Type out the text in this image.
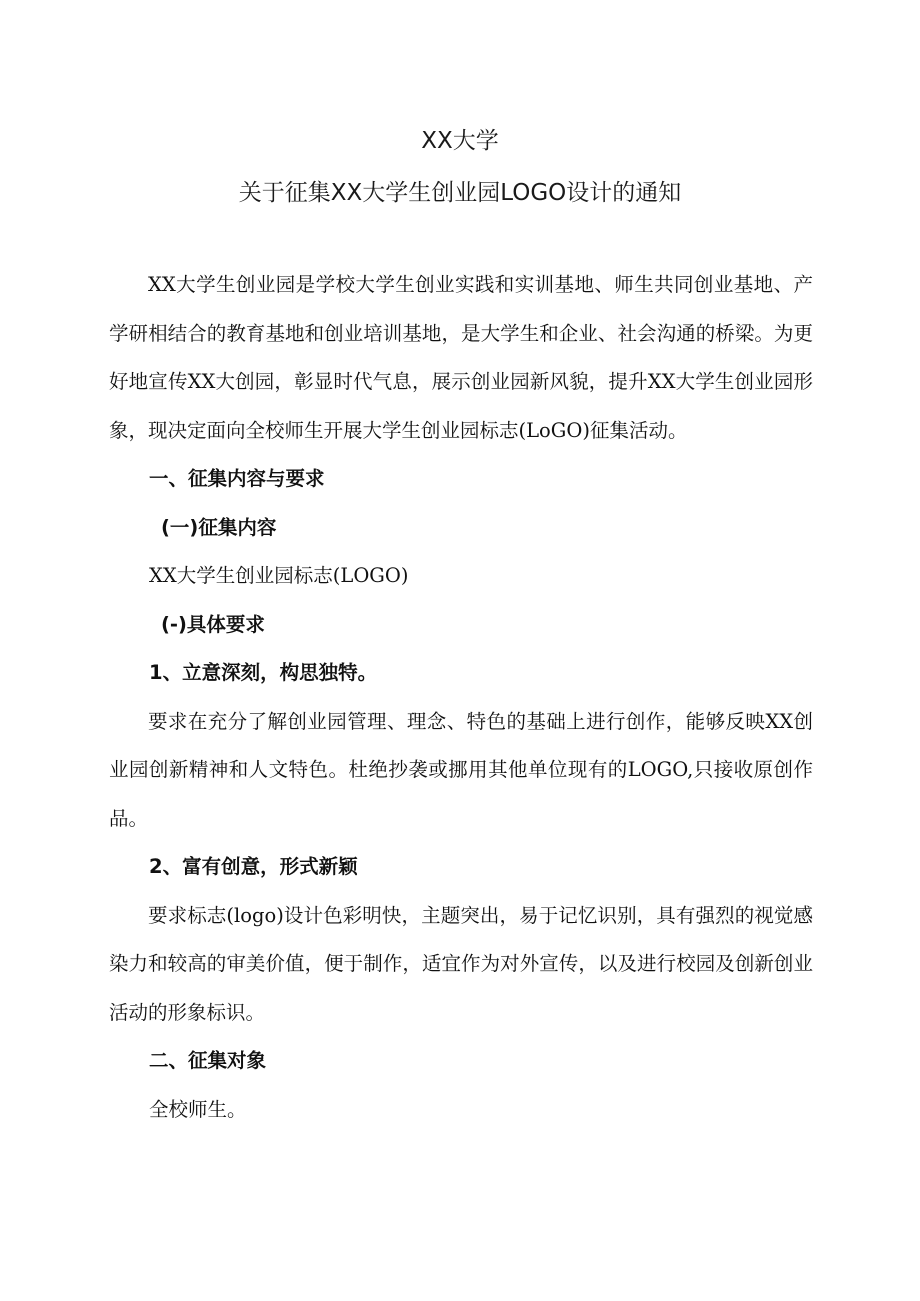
XX大学
关于征集XX大学生创业园LOGO设计的通知

XX大学生创业园是学校大学生创业实践和实训基地、师生共同创业基地、产学研相结合的教育基地和创业培训基地，是大学生和企业、社会沟通的桥梁。为更好地宣传XX大创园，彰显时代气息，展示创业园新风貌，提升XX大学生创业园形象，现决定面向全校师生开展大学生创业园标志(LoGO)征集活动。

一、征集内容与要求
(一)征集内容
XX大学生创业园标志(LOGO)
(-)具体要求
1、立意深刻，构思独特。

要求在充分了解创业园管理、理念、特色的基础上进行创作，能够反映XX创业园创新精神和人文特色。杜绝抄袭或挪用其他单位现有的LOGO,只接收原创作品。

2、富有创意，形式新颖

要求标志(logo)设计色彩明快，主题突出，易于记忆识别，具有强烈的视觉感染力和较高的审美价值，便于制作，适宜作为对外宣传，以及进行校园及创新创业活动的形象标识。

二、征集对象
全校师生。
